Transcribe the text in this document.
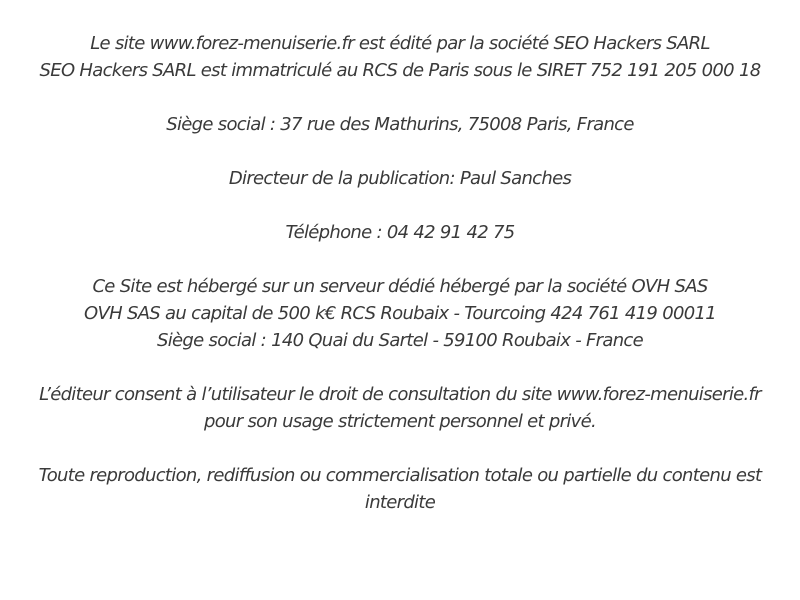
Le site www.forez-menuiserie.fr est édité par la société SEO Hackers SARL
SEO Hackers SARL est immatriculé au RCS de Paris sous le SIRET 752 191 205 000 18

Siège social : 37 rue des Mathurins, 75008 Paris, France

Directeur de la publication: Paul Sanches

Téléphone : 04 42 91 42 75

Ce Site est hébergé sur un serveur dédié hébergé par la société OVH SAS
OVH SAS au capital de 500 k€ RCS Roubaix - Tourcoing 424 761 419 00011
Siège social : 140 Quai du Sartel - 59100 Roubaix - France

L’éditeur consent à l’utilisateur le droit de consultation du site www.forez-menuiserie.fr
pour son usage strictement personnel et privé.

Toute reproduction, rediffusion ou commercialisation totale ou partielle du contenu est
interdite
